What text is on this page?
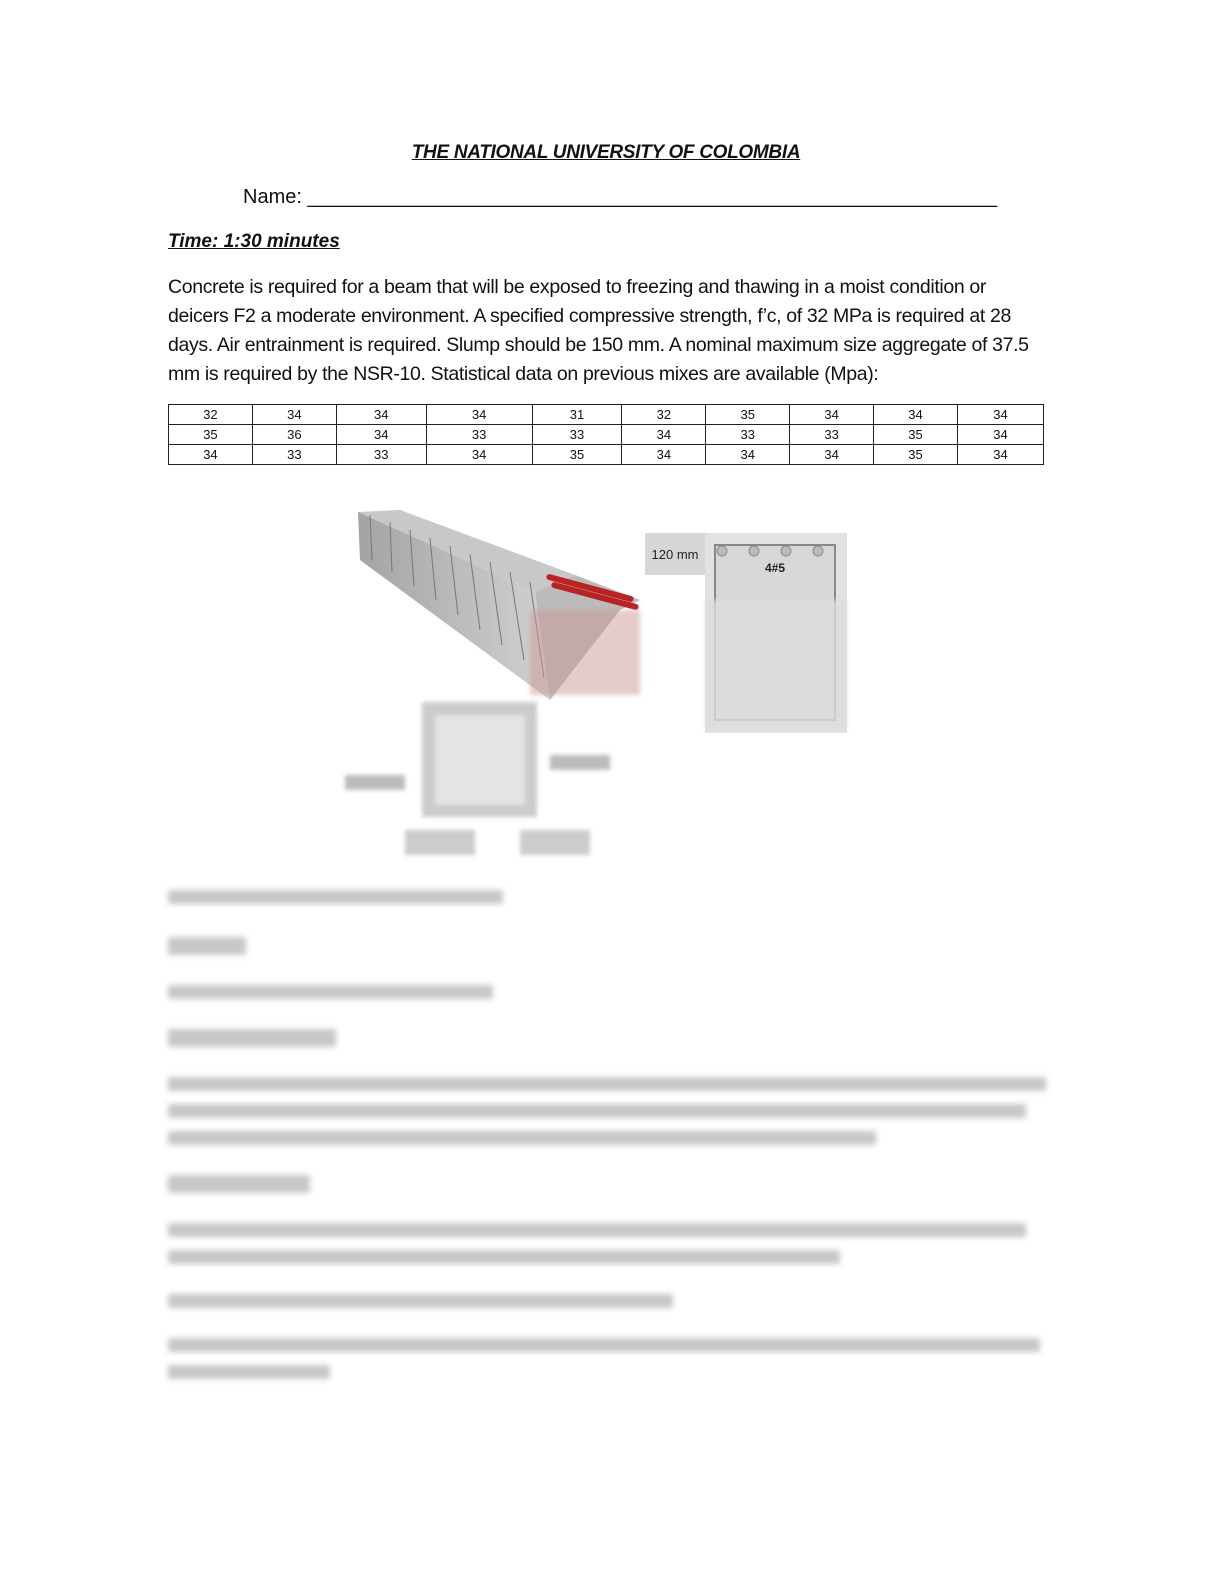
THE NATIONAL UNIVERSITY OF COLOMBIA
Name: ______________________________________________________________
Time: 1:30 minutes
Concrete is required for a beam that will be exposed to freezing and thawing in a moist condition or deicers F2 a moderate environment. A specified compressive strength, f’c, of 32 MPa is required at 28 days. Air entrainment is required. Slump should be 150 mm. A nominal maximum size aggregate of 37.5 mm is required by the NSR-10. Statistical data on previous mixes are available (Mpa):
32	34	34	34	31	32	35	34	34	34
35	36	34	33	33	34	33	33	35	34
34	33	33	34	35	34	34	34	35	34
120 mm
4#5
